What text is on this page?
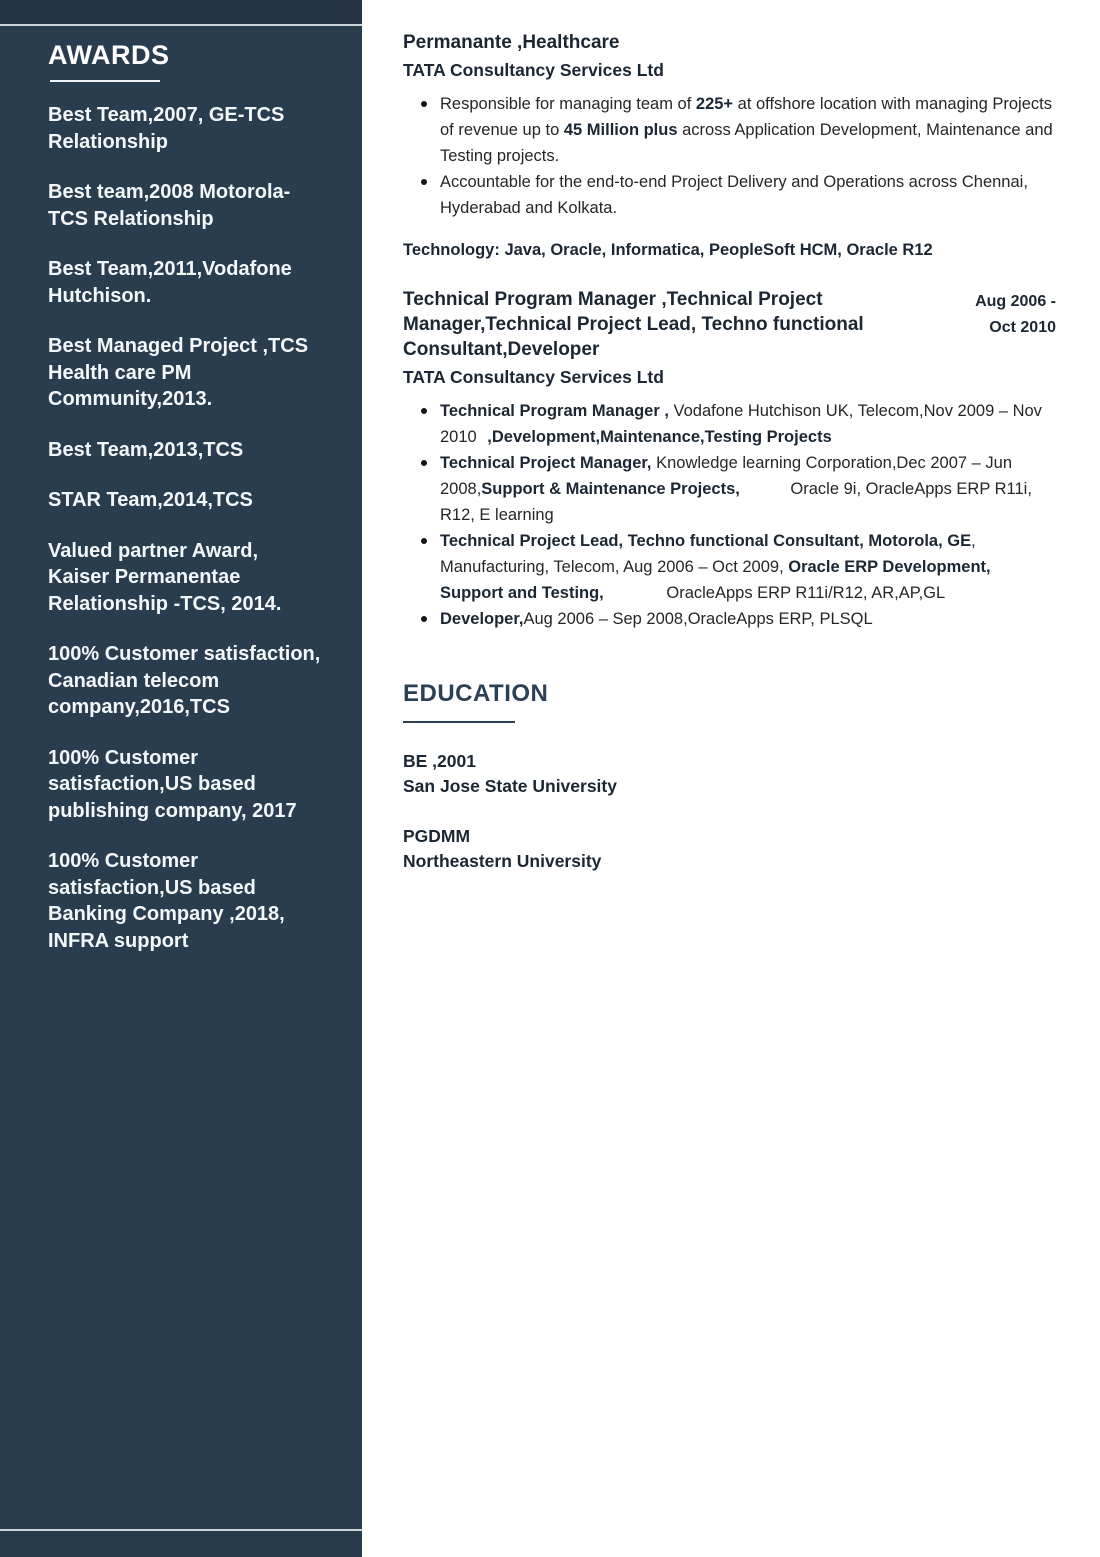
AWARDS

Best Team,2007, GE-TCS Relationship

Best team,2008 Motorola-TCS Relationship

Best Team,2011,Vodafone Hutchison.

Best Managed Project ,TCS Health care PM Community,2013.

Best Team,2013,TCS

STAR Team,2014,TCS

Valued partner Award, Kaiser Permanentae Relationship -TCS, 2014.

100% Customer satisfaction, Canadian telecom company,2016,TCS

100% Customer satisfaction,US based publishing company, 2017

100% Customer satisfaction,US based Banking Company ,2018, INFRA support

Permanante ,Healthcare
TATA Consultancy Services Ltd
Responsible for managing team of 225+ at offshore location with managing Projects of revenue up to 45 Million plus across Application Development, Maintenance and Testing projects.
Accountable for the end-to-end Project Delivery and Operations across Chennai, Hyderabad and Kolkata.

Technology: Java, Oracle, Informatica, PeopleSoft HCM, Oracle R12

Technical Program Manager ,Technical Project Manager,Technical Project Lead, Techno functional Consultant,Developer
Aug 2006 -
Oct 2010
TATA Consultancy Services Ltd
Technical Program Manager , Vodafone Hutchison UK, Telecom,Nov 2009 – Nov 2010 ,Development,Maintenance,Testing Projects
Technical Project Manager, Knowledge learning Corporation,Dec 2007 – Jun 2008,Support & Maintenance Projects,	Oracle 9i, OracleApps ERP R11i, R12, E learning
Technical Project Lead, Techno functional Consultant, Motorola, GE, Manufacturing, Telecom, Aug 2006 – Oct 2009, Oracle ERP Development, Support and Testing,	OracleApps ERP R11i/R12, AR,AP,GL
Developer,Aug 2006 – Sep 2008,OracleApps ERP, PLSQL
EDUCATION
BE ,2001
San Jose State University
PGDMM
Northeastern University
